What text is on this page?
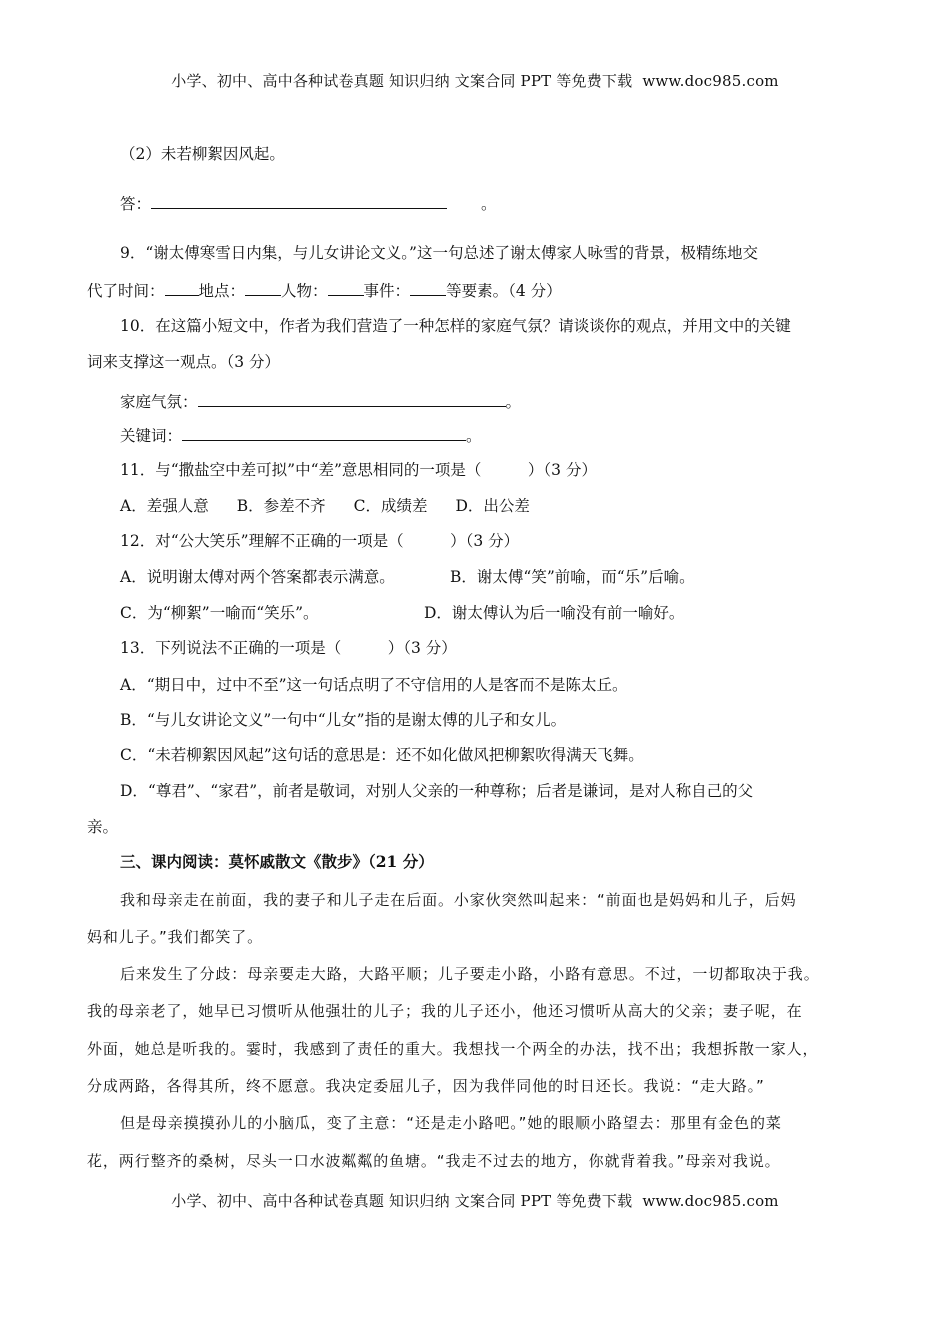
小学、初中、高中各种试卷真题 知识归纳 文案合同 PPT 等免费下载 www.doc985.com
（2）未若柳絮因风起。
答：	。
9．“谢太傅寒雪日内集，与儿女讲论文义。”这一句总述了谢太傅家人咏雪的背景，极精练地交
代了时间： 地点： 人物： 事件： 等要素。（4 分）
10．在这篇小短文中，作者为我们营造了一种怎样的家庭气氛？请谈谈你的观点，并用文中的关键
词来支撑这一观点。（3 分）
家庭气氛：	。
关键词：	。
11．与“撒盐空中差可拟”中“差”意思相同的一项是（　　　）（3 分）
A．差强人意 B．参差不齐 C．成绩差 D．出公差
12．对“公大笑乐”理解不正确的一项是（　　　）（3 分）
A．说明谢太傅对两个答案都表示满意。	B．谢太傅“笑”前喻，而“乐”后喻。
C．为“柳絮”一喻而“笑乐”。	D．谢太傅认为后一喻没有前一喻好。
13．下列说法不正确的一项是（　　　）（3 分）
A．“期日中，过中不至”这一句话点明了不守信用的人是客而不是陈太丘。
B．“与儿女讲论文义”一句中“儿女”指的是谢太傅的儿子和女儿。
C．“未若柳絮因风起”这句话的意思是：还不如化做风把柳絮吹得满天飞舞。
D．“尊君”、“家君”，前者是敬词，对别人父亲的一种尊称；后者是谦词，是对人称自己的父
亲。
三、课内阅读：莫怀戚散文《散步》（21 分）
我和母亲走在前面，我的妻子和儿子走在后面。小家伙突然叫起来：“前面也是妈妈和儿子，后妈
妈和儿子。”我们都笑了。
后来发生了分歧：母亲要走大路，大路平顺；儿子要走小路，小路有意思。不过，一切都取决于我。
我的母亲老了，她早已习惯听从他强壮的儿子；我的儿子还小，他还习惯听从高大的父亲；妻子呢，在
外面，她总是听我的。霎时，我感到了责任的重大。我想找一个两全的办法，找不出；我想拆散一家人，
分成两路，各得其所，终不愿意。我决定委屈儿子，因为我伴同他的时日还长。我说：“走大路。”
但是母亲摸摸孙儿的小脑瓜，变了主意：“还是走小路吧。”她的眼顺小路望去：那里有金色的菜
花，两行整齐的桑树，尽头一口水波粼粼的鱼塘。“我走不过去的地方，你就背着我。”母亲对我说。
小学、初中、高中各种试卷真题 知识归纳 文案合同 PPT 等免费下载 www.doc985.com
